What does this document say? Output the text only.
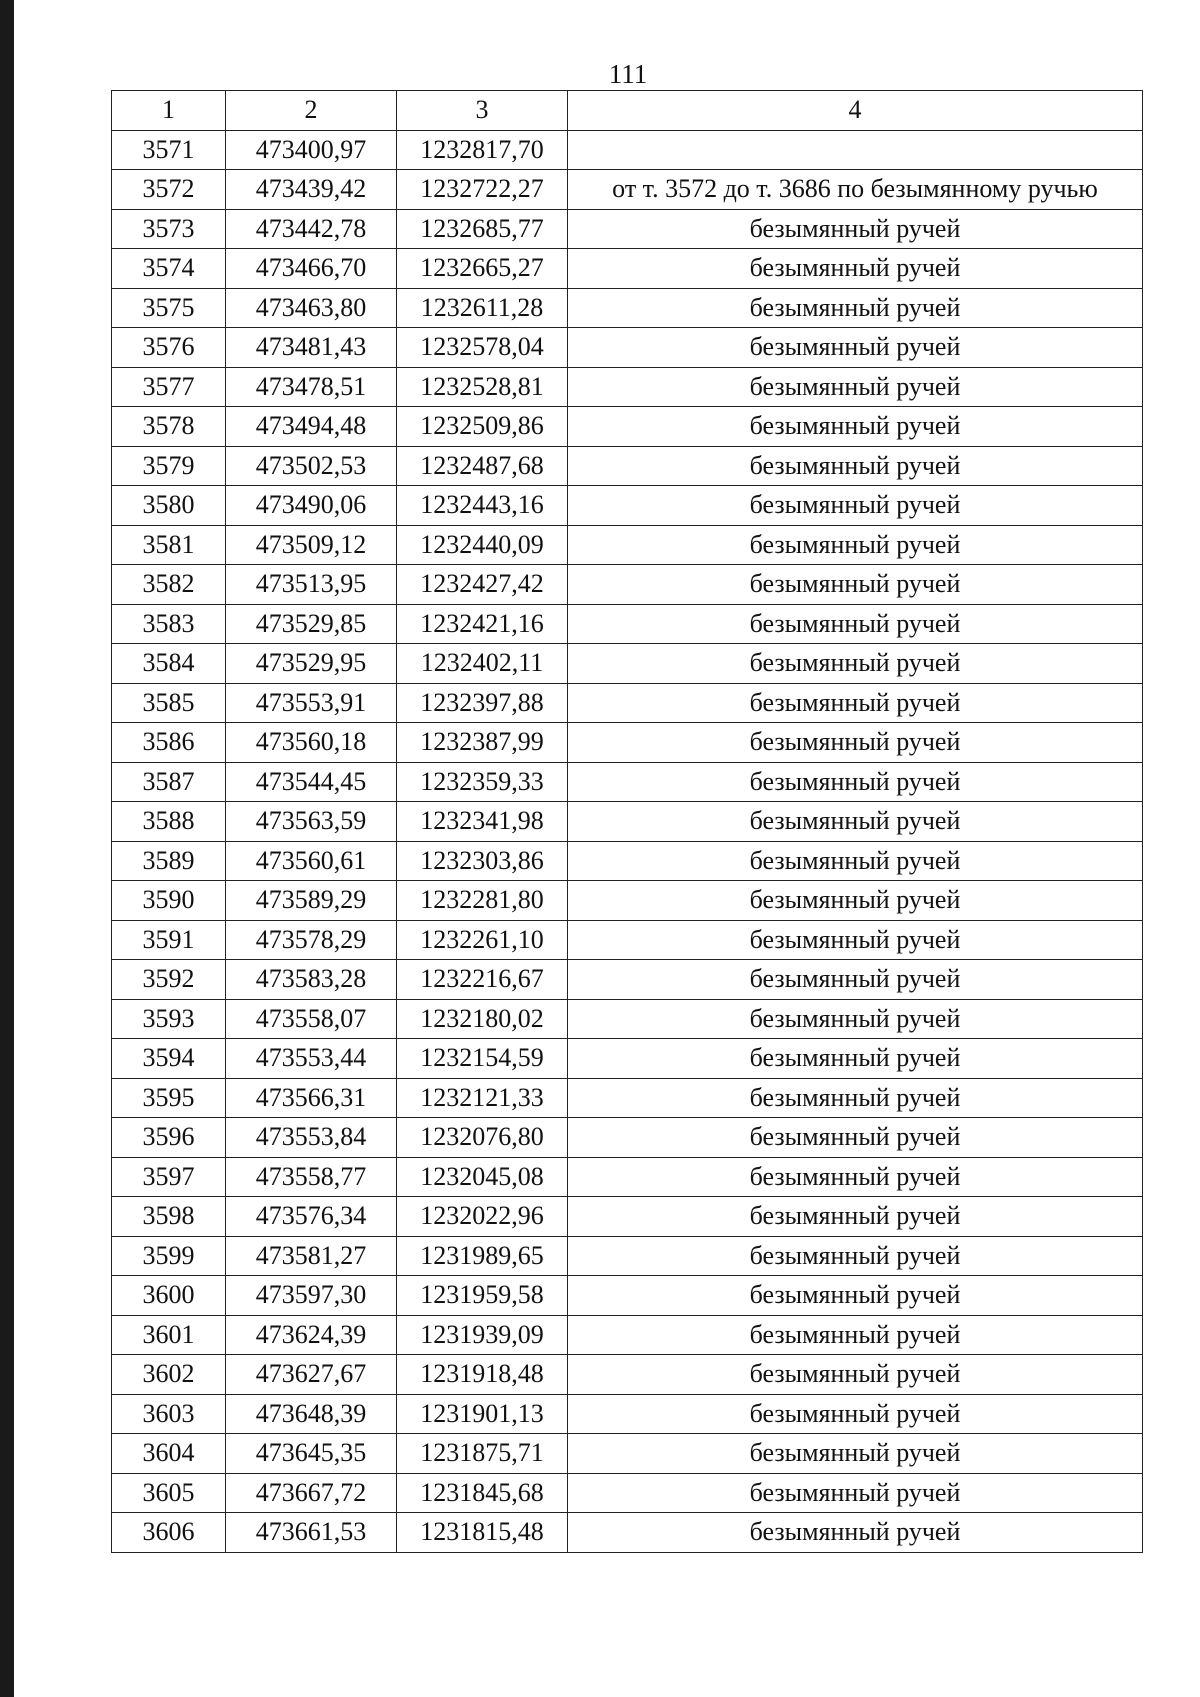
111
1	2	3	4
3571	473400,97	1232817,70	
3572	473439,42	1232722,27	от т. 3572 до т. 3686 по безымянному ручью
3573	473442,78	1232685,77	безымянный ручей
3574	473466,70	1232665,27	безымянный ручей
3575	473463,80	1232611,28	безымянный ручей
3576	473481,43	1232578,04	безымянный ручей
3577	473478,51	1232528,81	безымянный ручей
3578	473494,48	1232509,86	безымянный ручей
3579	473502,53	1232487,68	безымянный ручей
3580	473490,06	1232443,16	безымянный ручей
3581	473509,12	1232440,09	безымянный ручей
3582	473513,95	1232427,42	безымянный ручей
3583	473529,85	1232421,16	безымянный ручей
3584	473529,95	1232402,11	безымянный ручей
3585	473553,91	1232397,88	безымянный ручей
3586	473560,18	1232387,99	безымянный ручей
3587	473544,45	1232359,33	безымянный ручей
3588	473563,59	1232341,98	безымянный ручей
3589	473560,61	1232303,86	безымянный ручей
3590	473589,29	1232281,80	безымянный ручей
3591	473578,29	1232261,10	безымянный ручей
3592	473583,28	1232216,67	безымянный ручей
3593	473558,07	1232180,02	безымянный ручей
3594	473553,44	1232154,59	безымянный ручей
3595	473566,31	1232121,33	безымянный ручей
3596	473553,84	1232076,80	безымянный ручей
3597	473558,77	1232045,08	безымянный ручей
3598	473576,34	1232022,96	безымянный ручей
3599	473581,27	1231989,65	безымянный ручей
3600	473597,30	1231959,58	безымянный ручей
3601	473624,39	1231939,09	безымянный ручей
3602	473627,67	1231918,48	безымянный ручей
3603	473648,39	1231901,13	безымянный ручей
3604	473645,35	1231875,71	безымянный ручей
3605	473667,72	1231845,68	безымянный ручей
3606	473661,53	1231815,48	безымянный ручей
